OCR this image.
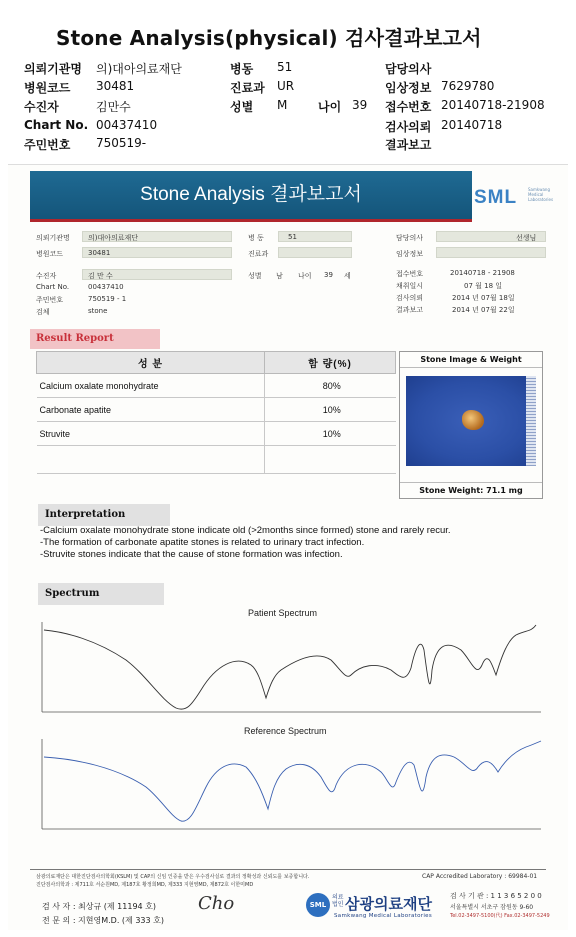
Stone Analysis(physical) 검사결과보고서
의뢰기관명 의)대아의료재단
병원코드 30481
수진자	김만수
Chart No. 00437410
주민번호 750519-
병동 51
진료과 UR
성별 M	나이 39
담당의사
임상정보 7629780
접수번호 20140718-21908
검사의뢰 20140718
결과보고
Stone Analysis 결과보고서	SML	Samkwang
Medical
Laboratories
의뢰기관명	의)대아의료재단
병원코드	30481
수진자	김 만 수
Chart No.	00437410
주민번호	750519 - 1
검체	stone
병 동	51
진료과
성별 남 나이 39 세
담당의사	선생님
임상정보
접수번호	20140718 - 21908
채취일시	07 월 18 일
검사의뢰	2014 년 07월 18일
결과보고	2014 년 07월 22일
Result Report
성 분	함 량(%)
Calcium oxalate monohydrate	80%
Carbonate apatite	10%
Struvite	10%

Stone Image & Weight
Stone Weight: 71.1 mg
Interpretation
-Calcium oxalate monohydrate stone indicate old (>2months since formed) stone and rarely recur.
-The formation of carbonate apatite stones is related to urinary tract infection.
-Struvite stones indicate that the cause of stone formation was infection.
Spectrum
Patient Spectrum
Reference Spectrum
CAP Accredited Laboratory : 69984-01
삼광의료재단은 대한진단검사의학회(KSLM) 및 CAP의 신임 인증을 받은 우수검사실로 결과의 정확성과 신뢰도를 보증합니다.
진단검사의학과 : 제711호 서순원MD, 제187호 황정희MD, 제333 지현영MD, 제872호 이한미MD
검 사 자 : 최상규 (제 11194 호)
전 문 의 : 지현영M.D. (제 333 호)
Cho	SML
의료법인 삼광의료재단
Samkwang Medical Laboratories
검 사 기 관 : 1 1 3 6 5 2 0 0
서울특별시 서초구 잠원동 9-60
Tel.02-3497-5100(代) Fax.02-3497-5249
